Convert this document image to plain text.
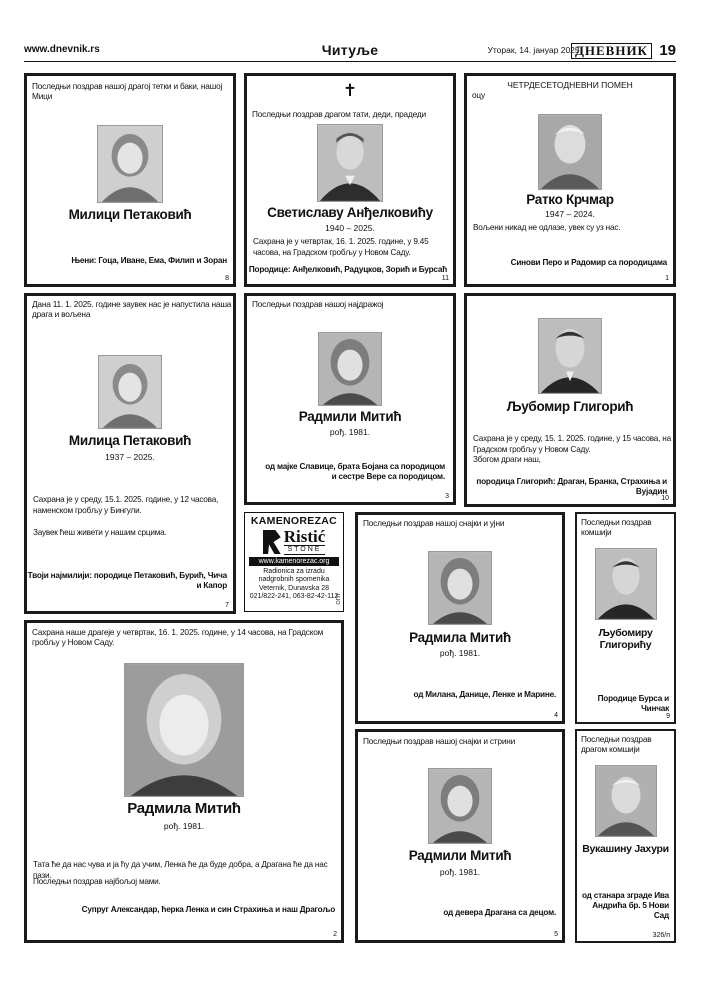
www.dnevnik.rs	Читуље	Уторак, 14. јануар 2025.
ДНЕВНИК 19
Последњи поздрав нашој драгој тетки и баки, нашој Мици
Милици Петаковић
Њени: Гоца, Иване, Ема, Филип и Зоран
8
✝
Последњи поздрав драгом тати, деди, прадеди
Светиславу Анђелковићу
1940 – 2025.
Сахрана је у четвртак, 16. 1. 2025. године, у 9.45 часова, на Градском гробљу у Новом Саду.
Породице: Анђелковић, Радуцков, Зорић и Бурсаћ
11
ЧЕТРДЕСЕТОДНЕВНИ ПОМЕН
оцу
Ратко Крчмар
1947 – 2024.
Вољени никад не одлазе, увек су уз нас.
Синови Перо и Радомир са породицама
1
Дана 11. 1. 2025. године заувек нас је напустила наша драга и вољена
Милица Петаковић
1937 – 2025.
Сахрана је у среду, 15.1. 2025. године, у 12 часова, наменском гробљу у Бингули.
Заувек ћеш живети у нашим срцима.
Твоји најмилији: породице Петаковић, Бурић, Чича и Капор
7
Последњи поздрав нашој најдражој
Радмили Митић
рођ. 1981.
од мајке Славице, брата Бојана са породицом и сестре Вере са породицом.
3
Љубомир Глигорић
Сахрана је у среду, 15. 1. 2025. године, у 15 часова, на Градском гробљу у Новом Саду.
Збогом драги наш,
породица Глигорић: Драган, Бранка, Страхиња и Вујадин
10
KAMENOREZAC
Ristić
STONE
www.kamenorezac.org
Radionica za izradu
nadgrobnih spomenika
Veternik, Dunavska 28
021/822-241, 063-82-42-112
ОГЛ
Сахрана наше драгеје у четвртак, 16. 1. 2025. године, у 14 часова, на Градском гробљу у Новом Саду.
Радмила Митић
рођ. 1981.
Тата ће да нас чува и ја ћу да учим, Ленка ће да буде добра, а Драгана ће да нас пази.
Последњи поздрав најбољој мами.
Супруг Александар, ћерка Ленка и син Страхиња и наш Драгољо
2
Последњи поздрав нашој снајки и уjни
Радмила Митић
рођ. 1981.
од Милана, Данице, Ленке и Марине.
4
Последњи поздрав нашој снајки и стрини
Радмили Митић
рођ. 1981.
од девера Драгана са децом.
5
Последњи поздрав комшији
Љубомиру Глигорићу
Породице Бурса и Чинчак
9
Последњи поздрав драгом комшији
Вукашину Јахури
од станара зграде Ива Андрића бр. 5 Нови Сад
326/п
